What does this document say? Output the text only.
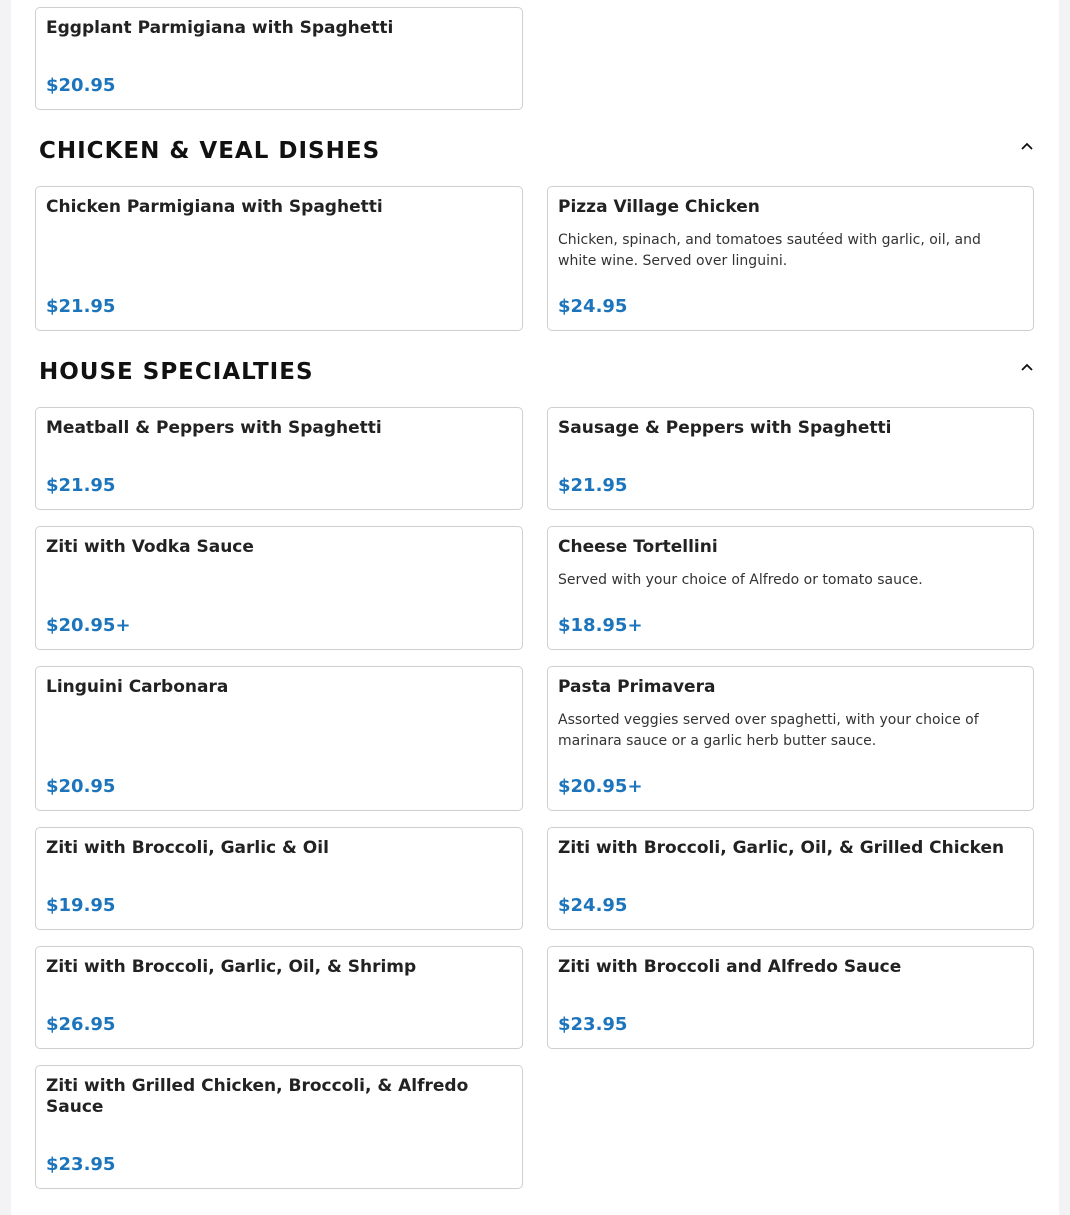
Eggplant Parmigiana with Spaghetti
$20.95
CHICKEN & VEAL DISHES
Chicken Parmigiana with Spaghetti
$21.95
Pizza Village Chicken
Chicken, spinach, and tomatoes sautéed with garlic, oil, and white wine. Served over linguini.
$24.95
HOUSE SPECIALTIES
Meatball & Peppers with Spaghetti
$21.95
Sausage & Peppers with Spaghetti
$21.95
Ziti with Vodka Sauce
$20.95+
Cheese Tortellini
Served with your choice of Alfredo or tomato sauce.
$18.95+
Linguini Carbonara
$20.95
Pasta Primavera
Assorted veggies served over spaghetti, with your choice of marinara sauce or a garlic herb butter sauce.
$20.95+
Ziti with Broccoli, Garlic & Oil
$19.95
Ziti with Broccoli, Garlic, Oil, & Grilled Chicken
$24.95
Ziti with Broccoli, Garlic, Oil, & Shrimp
$26.95
Ziti with Broccoli and Alfredo Sauce
$23.95
Ziti with Grilled Chicken, Broccoli, & Alfredo Sauce
$23.95
